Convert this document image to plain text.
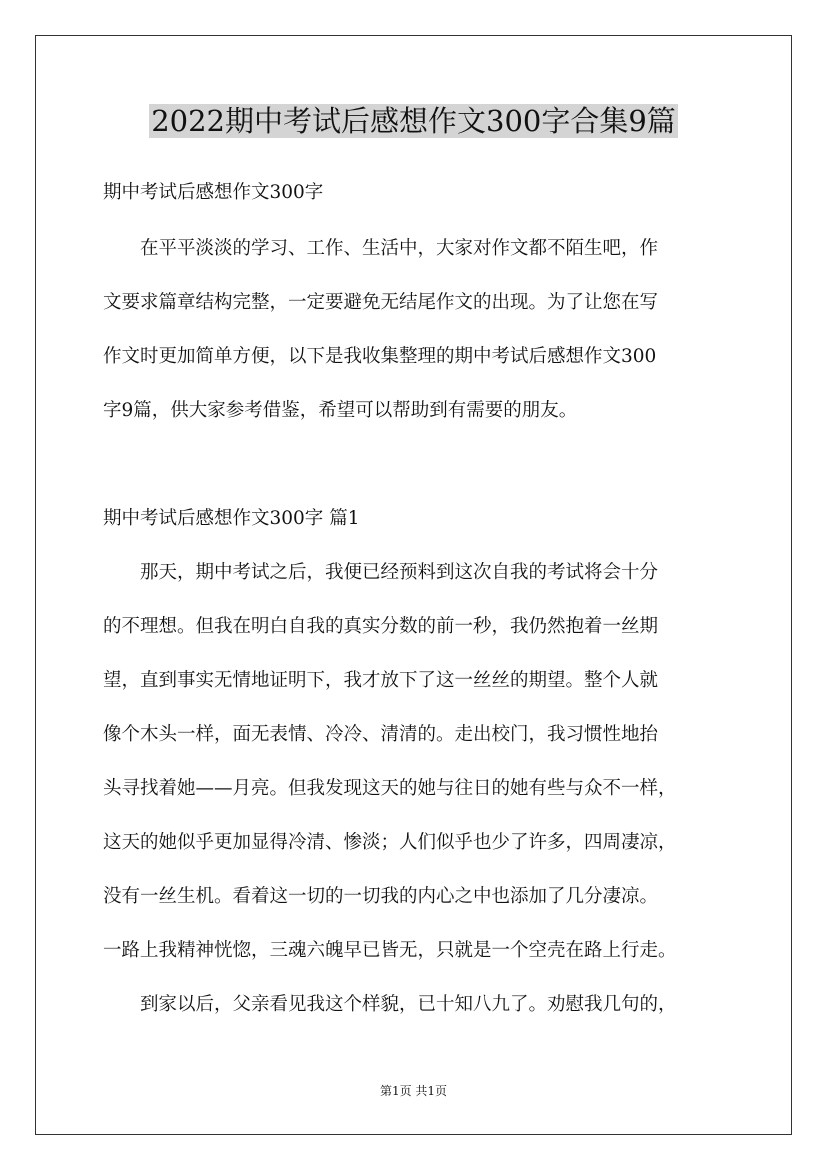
2022期中考试后感想作文300字合集9篇
期中考试后感想作文300字
　　在平平淡淡的学习、工作、生活中，大家对作文都不陌生吧，作
文要求篇章结构完整，一定要避免无结尾作文的出现。为了让您在写
作文时更加简单方便，以下是我收集整理的期中考试后感想作文300
字9篇，供大家参考借鉴，希望可以帮助到有需要的朋友。
期中考试后感想作文300字 篇1
　　那天，期中考试之后，我便已经预料到这次自我的考试将会十分
的不理想。但我在明白自我的真实分数的前一秒，我仍然抱着一丝期
望，直到事实无情地证明下，我才放下了这一丝丝的期望。整个人就
像个木头一样，面无表情、冷冷、清清的。走出校门，我习惯性地抬
头寻找着她——月亮。但我发现这天的她与往日的她有些与众不一样，
这天的她似乎更加显得冷清、惨淡；人们似乎也少了许多，四周凄凉，
没有一丝生机。看着这一切的一切我的内心之中也添加了几分凄凉。
一路上我精神恍惚，三魂六魄早已皆无，只就是一个空壳在路上行走。
　　到家以后，父亲看见我这个样貌，已十知八九了。劝慰我几句的，
第1页 共1页
